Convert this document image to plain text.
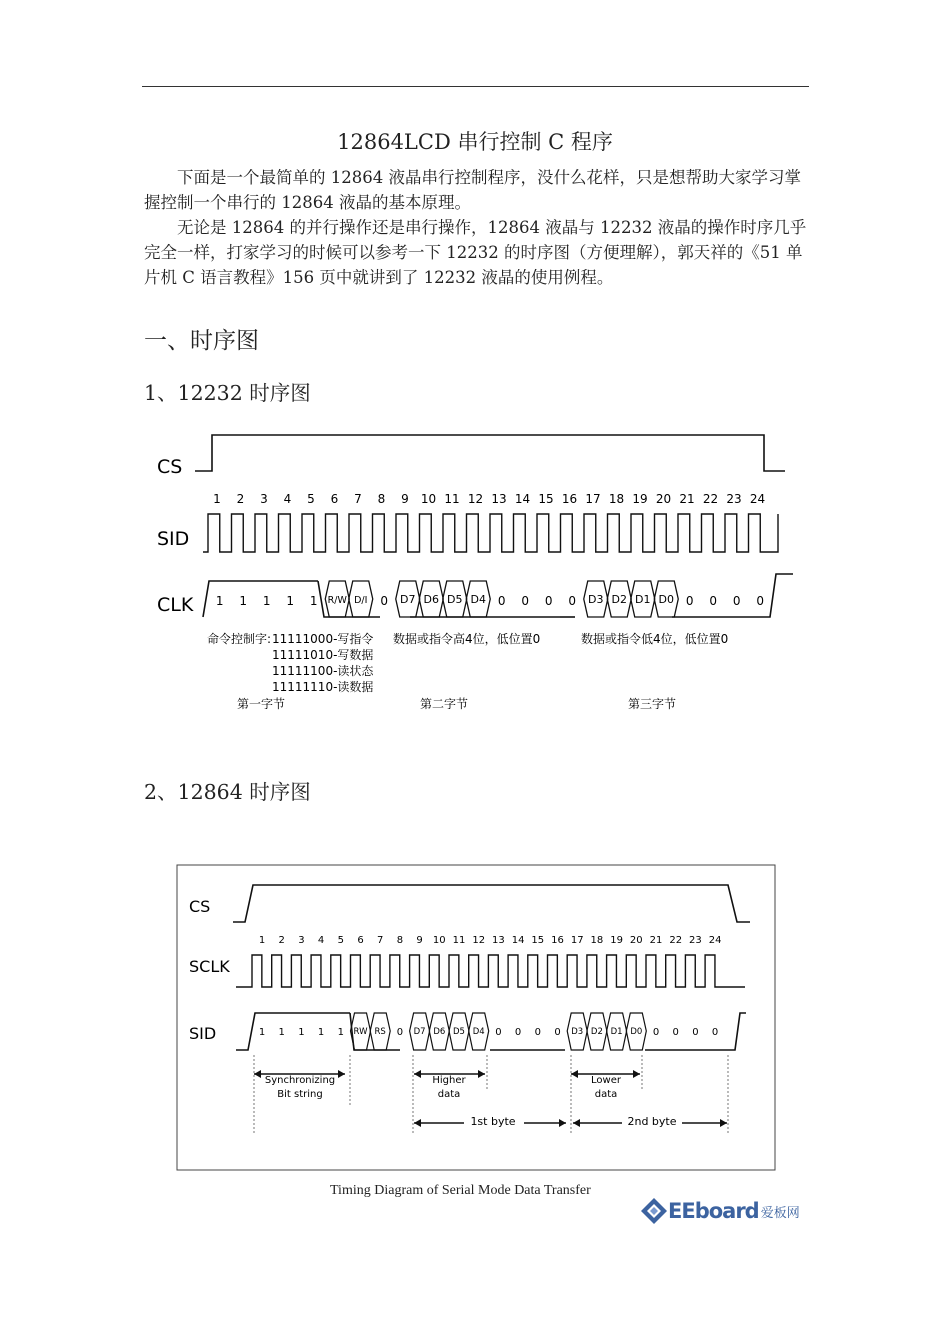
12864LCD 串行控制 C 程序

下面是一个最简单的 12864 液晶串行控制程序，没什么花样，只是想帮助大家学习掌握控制一个串行的 12864 液晶的基本原理。

无论是 12864 的并行操作还是串行操作，12864 液晶与 12232 液晶的操作时序几乎完全一样，打家学习的时候可以参考一下 12232 的时序图（方便理解），郭天祥的《51 单片机 C 语言教程》156 页中就讲到了 12232 液晶的使用例程。

一、时序图
1、12232 时序图
CS
SID
CLK
1 2 3 4 5 6 7 8 9 10 11 12 13 14 15 16 17 18 19 20 21 22 23 24
1 1 1 1 1 R/W D/I 0 D7 D6 D5 D4 0 0 0 0 D3 D2 D1 D0 0 0 0 0
命令控制字: 11111000-写指令
11111010-写数据
11111100-读状态
11111110-读数据
数据或指令高4位，低位置0	数据或指令低4位，低位置0
第一字节	第二字节	第三字节
CS
SCLK
SID
1 2 3 4 5 6 7 8 9 10 11 12 13 14 15 16 17 18 19 20 21 22 23 24
1 1 1 1 1 RW RS 0 D7 D6 D5 D4 0 0 0 0 D3 D2 D1 D0 0 0 0 0
Synchronizing
Bit string
Higher
data
Lower
data
1st byte	2nd byte
2、12864 时序图
Timing Diagram of Serial Mode Data Transfer
EEboard 爱板网
